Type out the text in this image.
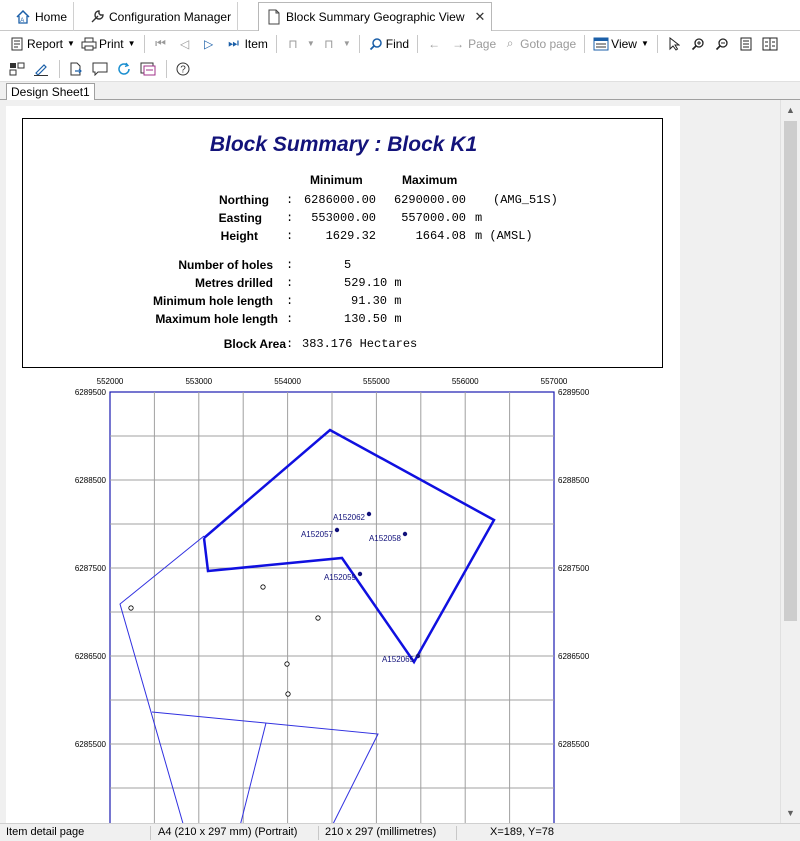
A Home	Configuration Manager	Block Summary Geographic View ✕
Report ▼ Print ▼ ⏮ ◁ ▷ ⏭ Item ⊓	▼ ⊓	▼	Find ← → Page ⌕ Goto page	View ▼
?
Design Sheet1
Block Summary : Block K1
Minimum	Maximum
Northing : 6286000.00 6290000.00 (AMG_51S)
Easting : 553000.00 557000.00 m
Height :	1629.32	1664.08 m (AMSL)
Number of holes :	5
Metres drilled :	529.10 m
Minimum hole length :	91.30 m
Maximum hole length :	130.50 m
Block Area : 383.176 Hectares
552000	553000	554000	555000	556000	557000
6289500
6288500
6287500
6286500
6285500
6289500
6288500
6287500
6286500
6285500
A152062
A152057	A152058
A152059
A152065
▲
▼
Item detail page	A4 (210 x 297 mm) (Portrait)	210 x 297 (millimetres)	X=189, Y=78
